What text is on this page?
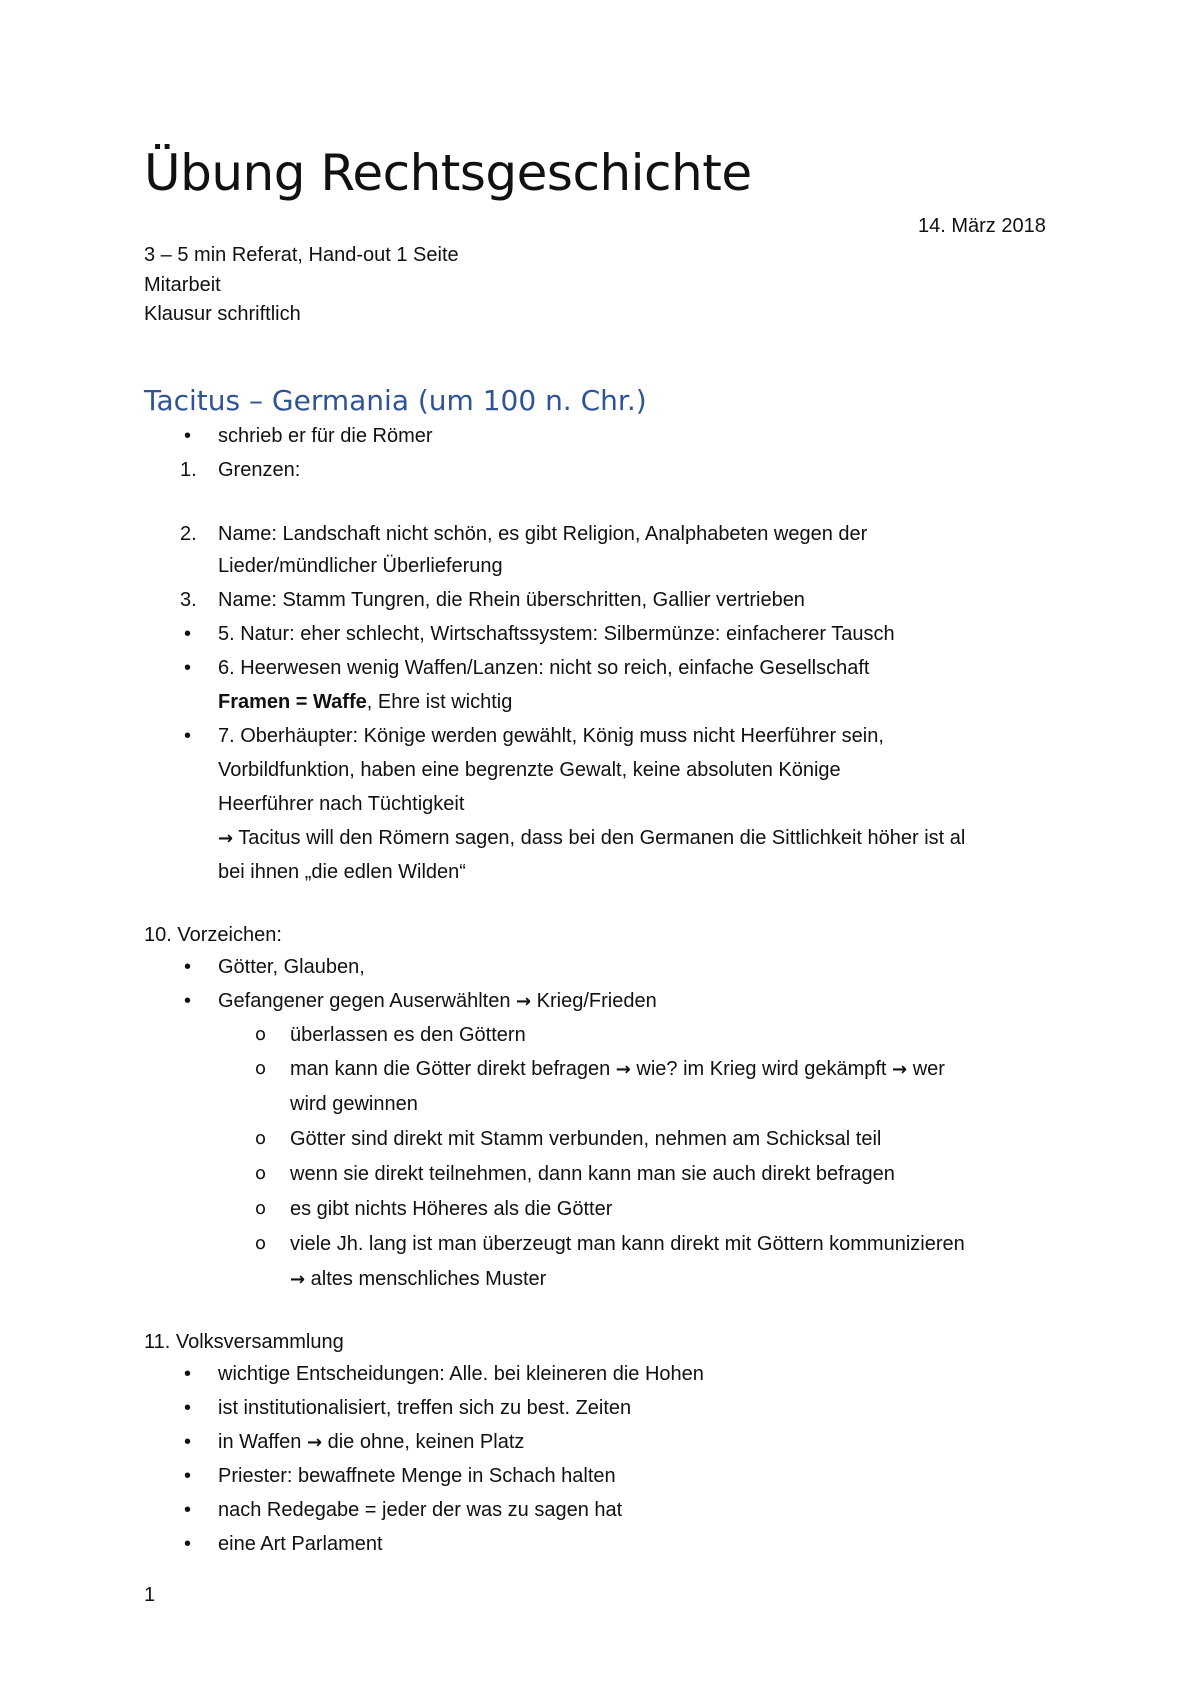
Übung Rechtsgeschichte
14. März 2018
3 – 5 min Referat, Hand-out 1 Seite
Mitarbeit
Klausur schriftlich
Tacitus – Germania (um 100 n. Chr.)
•	schrieb er für die Römer
1.	Grenzen:
2.	Name: Landschaft nicht schön, es gibt Religion, Analphabeten wegen der
Lieder/mündlicher Überlieferung
3.	Name: Stamm Tungren, die Rhein überschritten, Gallier vertrieben
•	5. Natur: eher schlecht, Wirtschaftssystem: Silbermünze: einfacherer Tausch
•	6. Heerwesen wenig Waffen/Lanzen: nicht so reich, einfache Gesellschaft
Framen = Waffe, Ehre ist wichtig
•	7. Oberhäupter: Könige werden gewählt, König muss nicht Heerführer sein,
Vorbildfunktion, haben eine begrenzte Gewalt, keine absoluten Könige
Heerführer nach Tüchtigkeit
→ Tacitus will den Römern sagen, dass bei den Germanen die Sittlichkeit höher ist al
bei ihnen „die edlen Wilden“
10. Vorzeichen:
•	Götter, Glauben,
•	Gefangener gegen Auserwählten → Krieg/Frieden
o	überlassen es den Göttern
o	man kann die Götter direkt befragen → wie? im Krieg wird gekämpft → wer
wird gewinnen
o	Götter sind direkt mit Stamm verbunden, nehmen am Schicksal teil
o	wenn sie direkt teilnehmen, dann kann man sie auch direkt befragen
o	es gibt nichts Höheres als die Götter
o	viele Jh. lang ist man überzeugt man kann direkt mit Göttern kommunizieren
→ altes menschliches Muster
11. Volksversammlung
•	wichtige Entscheidungen: Alle. bei kleineren die Hohen
•	ist institutionalisiert, treffen sich zu best. Zeiten
•	in Waffen → die ohne, keinen Platz
•	Priester: bewaffnete Menge in Schach halten
•	nach Redegabe = jeder der was zu sagen hat
•	eine Art Parlament
1
